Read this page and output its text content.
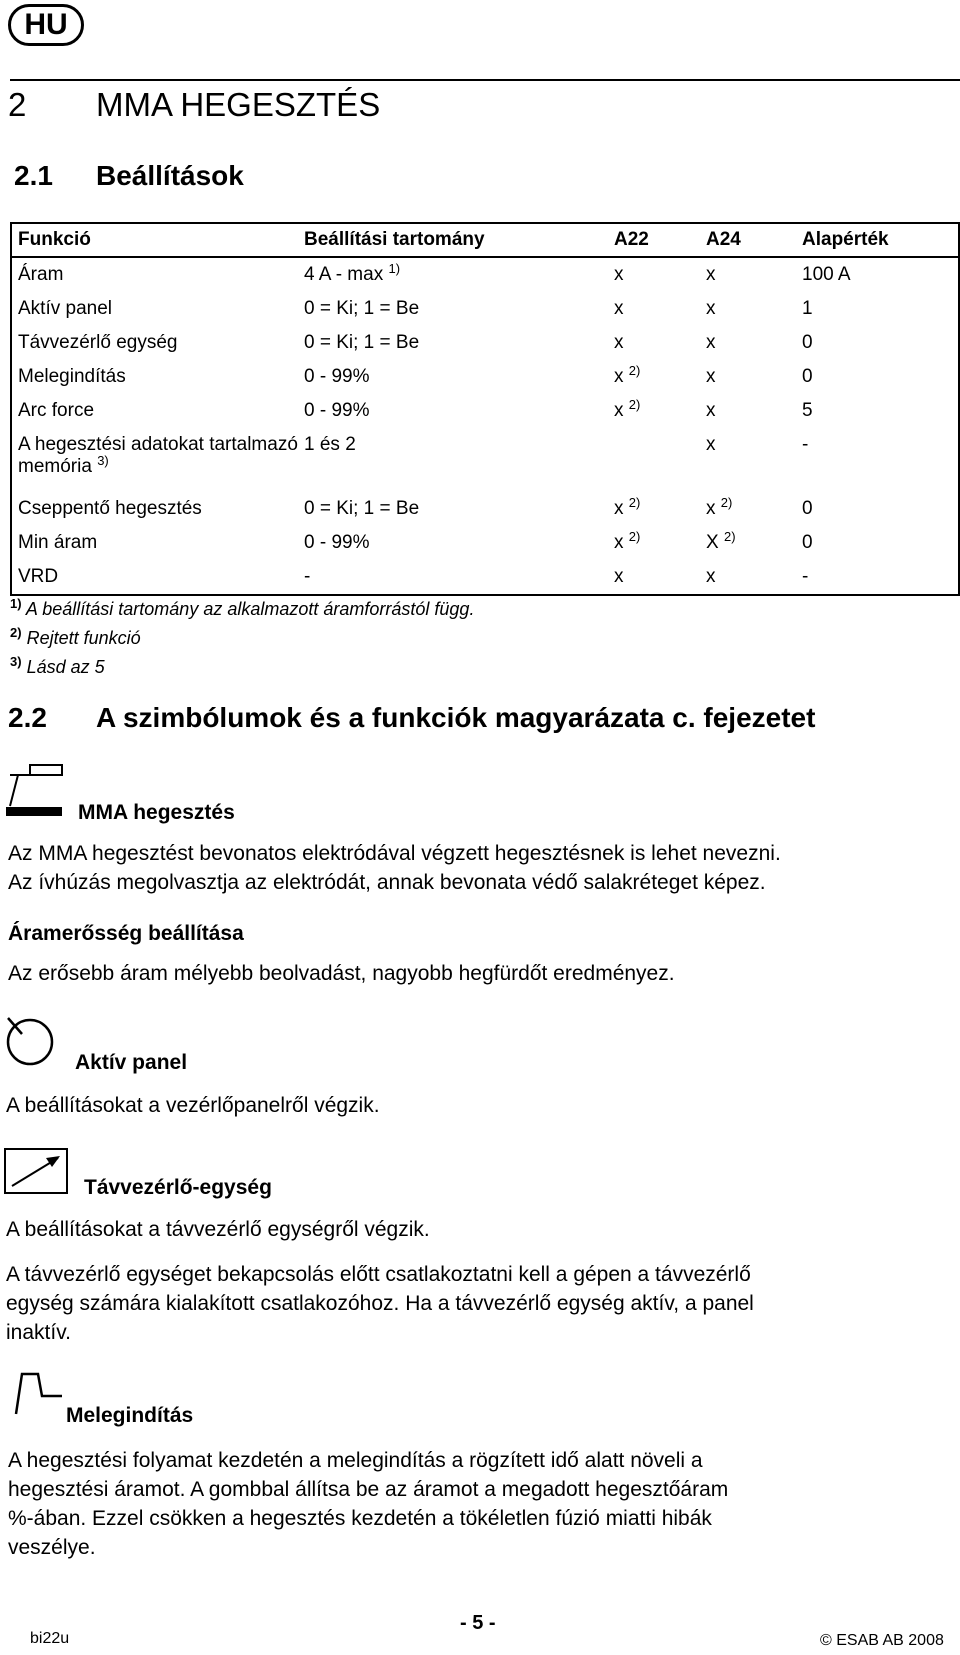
HU
2 MMA HEGESZTÉS
2.1 Beállítások
Funkció	Beállítási tartomány	A22	A24	Alapérték
Áram	4 A - max $^{1)}$	x	x	100 A
Aktív panel	0 = Ki; 1 = Be	x	x	1
Távvezérlő egység	0 = Ki; 1 = Be	x	x	0
Melegindítás	0 - 99%	x $^{2)}$	x	0
Arc force	0 - 99%	x $^{2)}$	x	5
A hegesztési adatokat tartalmazó memória $^{3)}$	1 és 2		x	-
Cseppentő hegesztés	0 = Ki; 1 = Be	x $^{2)}$	x $^{2)}$	0
Min áram	0 - 99%	x $^{2)}$	X $^{2)}$	0
VRD	-	x	x	-
$^{1)}$ A beállítási tartomány az alkalmazott áramforrástól függ.
$^{2)}$ Rejtett funkció
$^{3)}$ Lásd az 5
2.2 A szimbólumok és a funkciók magyarázata c. fejezetet
MMA hegesztés
Az MMA hegesztést bevonatos elektródával végzett hegesztésnek is lehet nevezni.
Az ívhúzás megolvasztja az elektródát, annak bevonata védő salakréteget képez.
Áramerősség beállítása
Az erősebb áram mélyebb beolvadást, nagyobb hegfürdőt eredményez.
Aktív panel
A beállításokat a vezérlőpanelről végzik.
Távvezérlő-egység
A beállításokat a távvezérlő egységről végzik.
A távvezérlő egységet bekapcsolás előtt csatlakoztatni kell a gépen a távvezérlő
egység számára kialakított csatlakozóhoz. Ha a távvezérlő egység aktív, a panel
inaktív.
Melegindítás
A hegesztési folyamat kezdetén a melegindítás a rögzített idő alatt növeli a
hegesztési áramot. A gombbal állítsa be az áramot a megadott hegesztőáram
%-ában. Ezzel csökken a hegesztés kezdetén a tökéletlen fúzió miatti hibák
veszélye.
bi22u
- 5 -
© ESAB AB 2008
